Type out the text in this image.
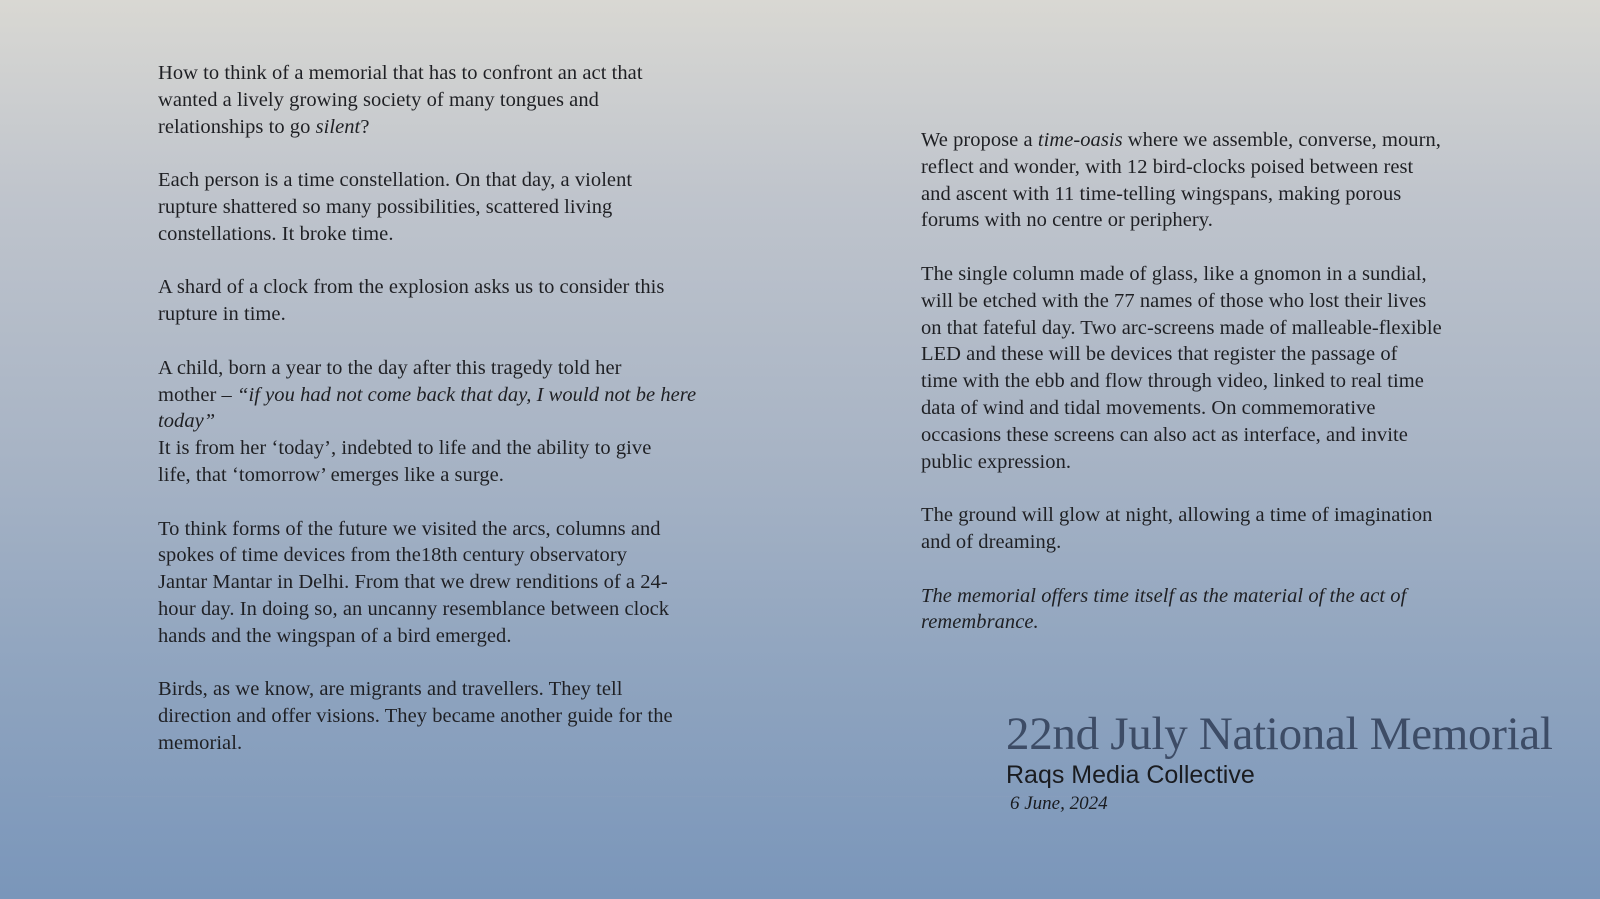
How to think of a memorial that has to confront an act that
wanted a lively growing society of many tongues and
relationships to go silent?

Each person is a time constellation. On that day, a violent
rupture shattered so many possibilities, scattered living
constellations. It broke time.

A shard of a clock from the explosion asks us to consider this
rupture in time.

A child, born a year to the day after this tragedy told her
mother – “if you had not come back that day, I would not be here
today”
It is from her ‘today’, indebted to life and the ability to give
life, that ‘tomorrow’ emerges like a surge.

To think forms of the future we visited the arcs, columns and
spokes of time devices from the18th century observatory
Jantar Mantar in Delhi. From that we drew renditions of a 24-
hour day. In doing so, an uncanny resemblance between clock
hands and the wingspan of a bird emerged.

Birds, as we know, are migrants and travellers. They tell
direction and offer visions. They became another guide for the
memorial.

We propose a time-oasis where we assemble, converse, mourn,
reflect and wonder, with 12 bird-clocks poised between rest
and ascent with 11 time-telling wingspans, making porous
forums with no centre or periphery.

The single column made of glass, like a gnomon in a sundial,
will be etched with the 77 names of those who lost their lives
on that fateful day. Two arc-screens made of malleable-flexible
LED and these will be devices that register the passage of
time with the ebb and flow through video, linked to real time
data of wind and tidal movements. On commemorative
occasions these screens can also act as interface, and invite
public expression.

The ground will glow at night, allowing a time of imagination
and of dreaming.

The memorial offers time itself as the material of the act of
remembrance.

22nd July National Memorial
Raqs Media Collective
6 June, 2024
